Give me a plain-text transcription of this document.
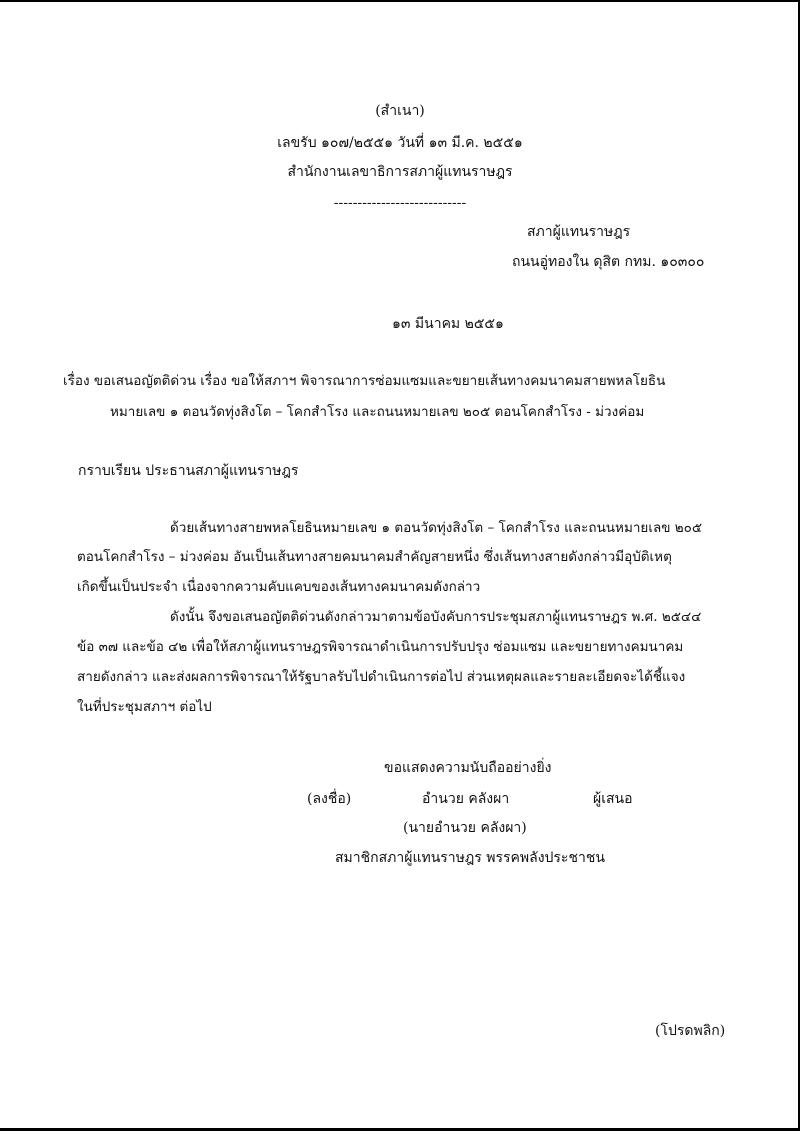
(สำเนา)
เลขรับ ๑๐๗/๒๕๕๑ วันที่ ๑๓ มี.ค. ๒๕๕๑
สำนักงานเลขาธิการสภาผู้แทนราษฎร
----------------------------
สภาผู้แทนราษฎร
ถนนอู่ทองใน ดุสิต กทม. ๑๐๓๐๐
๑๓ มีนาคม ๒๕๕๑
เรื่อง ขอเสนอญัตติด่วน เรื่อง ขอให้สภาฯ พิจารณาการซ่อมแซมและขยายเส้นทางคมนาคมสายพหลโยธิน
หมายเลข ๑ ตอนวัดทุ่งสิงโต – โคกสำโรง และถนนหมายเลข ๒๐๕ ตอนโคกสำโรง - ม่วงค่อม
กราบเรียน ประธานสภาผู้แทนราษฎร
ด้วยเส้นทางสายพหลโยธินหมายเลข ๑ ตอนวัดทุ่งสิงโต – โคกสำโรง และถนนหมายเลข ๒๐๕
ตอนโคกสำโรง – ม่วงค่อม อันเป็นเส้นทางสายคมนาคมสำคัญสายหนึ่ง ซึ่งเส้นทางสายดังกล่าวมีอุบัติเหตุ
เกิดขึ้นเป็นประจำ เนื่องจากความคับแคบของเส้นทางคมนาคมดังกล่าว
ดังนั้น จึงขอเสนอญัตติด่วนดังกล่าวมาตามข้อบังคับการประชุมสภาผู้แทนราษฎร พ.ศ. ๒๕๔๔
ข้อ ๓๗ และข้อ ๔๒ เพื่อให้สภาผู้แทนราษฎรพิจารณาดำเนินการปรับปรุง ซ่อมแซม และขยายทางคมนาคม
สายดังกล่าว และส่งผลการพิจารณาให้รัฐบาลรับไปดำเนินการต่อไป ส่วนเหตุผลและรายละเอียดจะได้ชี้แจง
ในที่ประชุมสภาฯ ต่อไป
ขอแสดงความนับถืออย่างยิ่ง
(ลงชื่อ)	อำนวย คลังผา	ผู้เสนอ
(นายอำนวย คลังผา)
สมาชิกสภาผู้แทนราษฎร พรรคพลังประชาชน
(โปรดพลิก)
